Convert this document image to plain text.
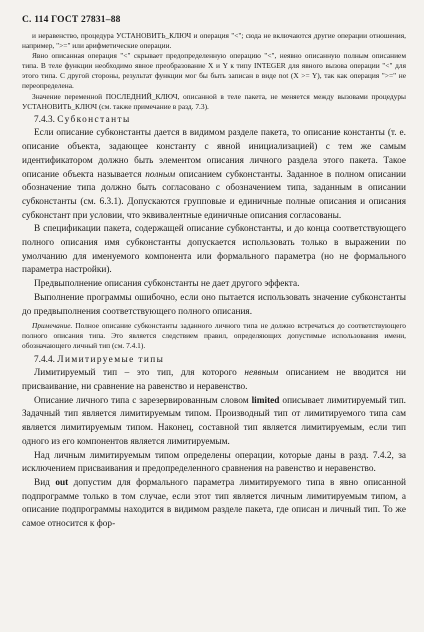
С. 114 ГОСТ 27831–88

и неравенство, процедура УСТАНОВИТЬ_КЛЮЧ и операция "<"; сюда не включаются другие операции отношения, например, ">=" или арифметические операции.

Явно описанная операция "<" скрывает предопределенную операцию "<", неявно описанную полным описанием типа. В теле функции необходимо явное преобразование Х и Y к типу INTEGER для явного вызова операции "<" для этого типа. С другой стороны, результат функции мог бы быть записан в виде not (X >= Y), так как операция ">=" не переопределена.

Значение переменной ПОСЛЕДНИЙ_КЛЮЧ, описанной в теле пакета, не меняется между вызовами процедуры УСТАНОВИТЬ_КЛЮЧ (см. также примечание в разд. 7.3).

7.4.3. Субконстанты

Если описание субконстанты дается в видимом разделе пакета, то описание константы (т. е. описание объекта, задающее константу с явной инициализацией) с тем же самым идентификатором должно быть элементом описания личного раздела этого пакета. Такое описание объекта называется полным описанием субконстанты. Заданное в полном описании обозначение типа должно быть согласовано с обозначением типа, заданным в описании субконстанты (см. 6.3.1). Допускаются групповые и единичные полные описания и описания субконстант при условии, что эквивалентные единичные описания согласованы.

В спецификации пакета, содержащей описание субконстанты, и до конца соответствующего полного описания имя субконстанты допускается использовать только в выражении по умолчанию для именуемого компонента или формального параметра (но не формального параметра настройки).

Предвыполнение описания субконстанты не дает другого эффекта.

Выполнение программы ошибочно, если оно пытается использовать значение субконстанты до предвыполнения соответствующего полного описания.

Примечание. Полное описание субконстанты заданного личного типа не должно встречаться до соответствующего полного описания типа. Это является следствием правил, определяющих допустимые использования имени, обозначающего личный тип (см. 7.4.1).

7.4.4. Лимитируемые типы

Лимитируемый тип – это тип, для которого неявным описанием не вводится ни присваивание, ни сравнение на равенство и неравенство.

Описание личного типа с зарезервированным словом limited описывает лимитируемый тип. Задачный тип является лимитируемым типом. Производный тип от лимитируемого типа сам является лимитируемым типом. Наконец, составной тип является лимитируемым, если тип одного из его компонентов является лимитируемым.

Над личным лимитируемым типом определены операции, которые даны в разд. 7.4.2, за исключением присваивания и предопределенного сравнения на равенство и неравенство.

Вид out допустим для формального параметра лимитируемого типа в явно описанной подпрограмме только в том случае, если этот тип является личным лимитируемым типом, а описание подпрограммы находится в видимом разделе пакета, где описан и личный тип. То же самое относится к фор-
